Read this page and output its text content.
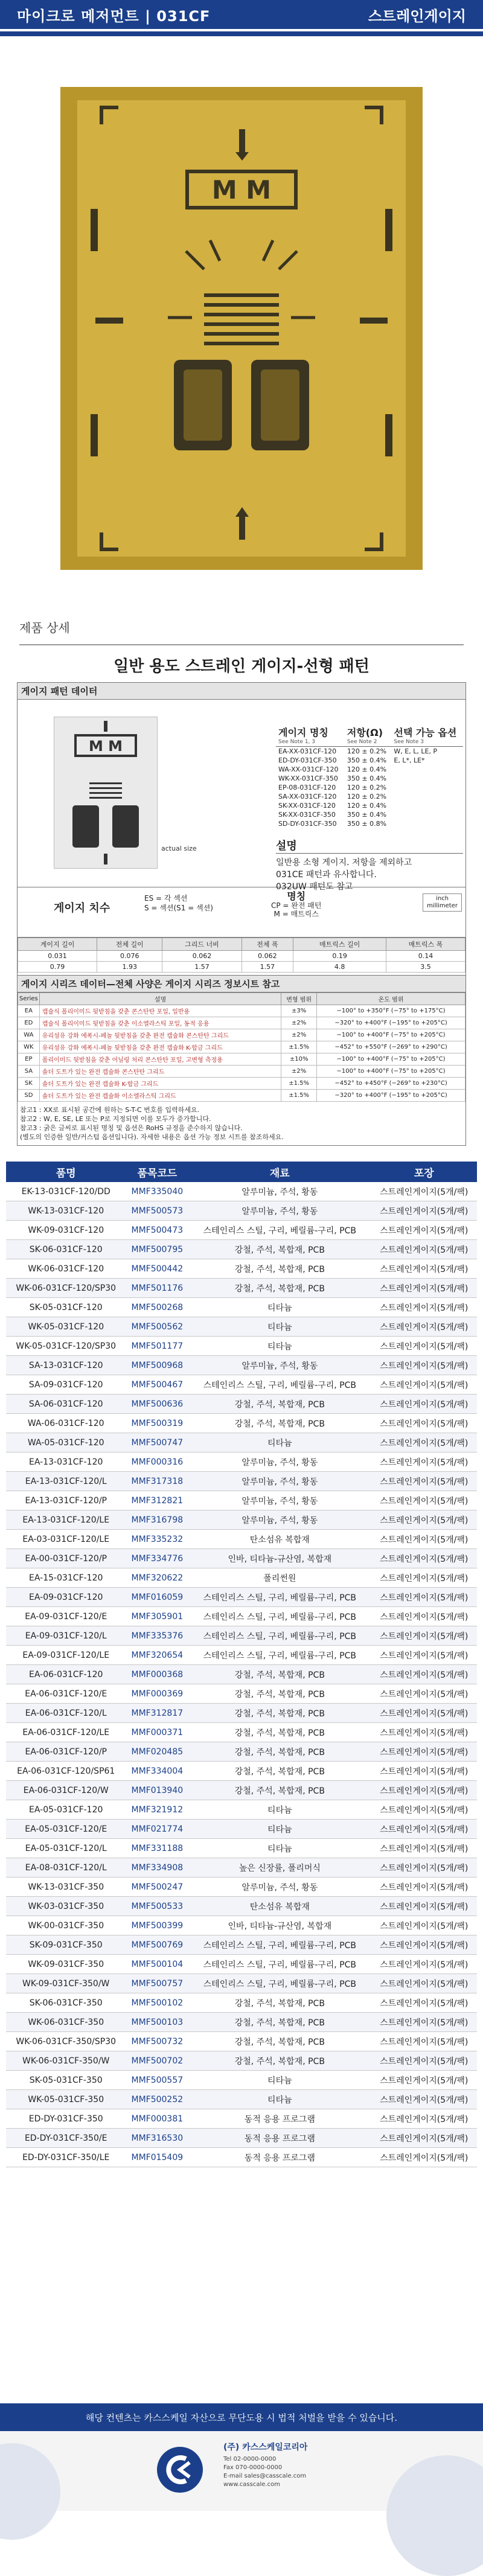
마이크로 메저먼트 | 031CF	스트레인게이지
M M
제품 상세
일반 용도 스트레인 게이지-선형 패턴
게이지 패턴 데이터
M M
actual size
게이지 명칭
See Note 1, 3	저항(Ω)
See Note 2	선택 가능 옵션
See Note 3

EA-XX-031CF-120	120 ± 0.2%	W, E, L, LE, P
ED-DY-031CF-350	350 ± 0.4%	E, L*, LE*
WA-XX-031CF-120	120 ± 0.4%	
WK-XX-031CF-350	350 ± 0.4%	
EP-08-031CF-120	120 ± 0.2%	
SA-XX-031CF-120	120 ± 0.2%	
SK-XX-031CF-120	120 ± 0.4%	
SK-XX-031CF-350	350 ± 0.4%	
SD-DY-031CF-350	350 ± 0.8%	
설명
일반용 소형 게이지. 저항을 제외하고
031CE 패턴과 유사합니다.
032UW 패턴도 참고
게이지 치수
ES = 각 섹션
S = 섹션(S1 = 섹션)
명칭
CP = 완전 패턴
M = 매트릭스
inch
millimeter
게이지 길이	전체 길이	그리드 너비	전체 폭	매트릭스 길이	매트릭스 폭
0.031	0.076	0.062	0.062	0.19	0.14
0.79	1.93	1.57	1.57	4.8	3.5
게이지 시리즈 데이터—전체 사양은 게이지 시리즈 정보시트 참고
Series	설명	변형 범위	온도 범위
EA	캡슐식 폴리이미드 뒷받침을 갖춘 콘스탄탄 포일, 일반용	±3%	−100° to +350°F (−75° to +175°C)
ED	캡슐식 폴리이미드 뒷받침을 갖춘 이소엘라스틱 포일, 동적 응용	±2%	−320° to +400°F (−195° to +205°C)
WA	유리섬유 강화 에폭시-페놀 뒷받침을 갖춘 완전 캡슐화 콘스탄탄 그리드	±2%	−100° to +400°F (−75° to +205°C)
WK	유리섬유 강화 에폭시-페놀 뒷받침을 갖춘 완전 캡슐화 K-합금 그리드	±1.5%	−452° to +550°F (−269° to +290°C)
EP	폴리이미드 뒷받침을 갖춘 어닐링 처리 콘스탄탄 포일, 고변형 측정용	±10%	−100° to +400°F (−75° to +205°C)
SA	솔더 도트가 있는 완전 캡슐화 콘스탄탄 그리드	±2%	−100° to +400°F (−75° to +205°C)
SK	솔더 도트가 있는 완전 캡슐화 K-합금 그리드	±1.5%	−452° to +450°F (−269° to +230°C)
SD	솔더 도트가 있는 완전 캡슐화 이소엘라스틱 그리드	±1.5%	−320° to +400°F (−195° to +205°C)
참고1 : XX로 표시된 공간에 원하는 S-T-C 번호를 입력하세요.
참고2 : W, E, SE, LE 또는 P로 지정되면 이를 모두가 증가합니다.
참고3 : 굵은 글씨로 표시된 명칭 및 옵션은 RoHS 규정을 준수하지 않습니다.
(별도의 인증한 일반/커스텀 옵션입니다). 자세한 내용은 옵션 가능 정보 시트를 참조하세요.
품명	품목코드	재료	포장
EK-13-031CF-120/DD	MMF335040	알루미늄, 주석, 황동	스트레인게이지(5개/팩)
WK-13-031CF-120	MMF500573	알루미늄, 주석, 황동	스트레인게이지(5개/팩)
WK-09-031CF-120	MMF500473	스테인리스 스틸, 구리, 베릴륨-구리, PCB	스트레인게이지(5개/팩)
SK-06-031CF-120	MMF500795	강철, 주석, 복합재, PCB	스트레인게이지(5개/팩)
WK-06-031CF-120	MMF500442	강철, 주석, 복합재, PCB	스트레인게이지(5개/팩)
WK-06-031CF-120/SP30	MMF501176	강철, 주석, 복합재, PCB	스트레인게이지(5개/팩)
SK-05-031CF-120	MMF500268	티타늄	스트레인게이지(5개/팩)
WK-05-031CF-120	MMF500562	티타늄	스트레인게이지(5개/팩)
WK-05-031CF-120/SP30	MMF501177	티타늄	스트레인게이지(5개/팩)
SA-13-031CF-120	MMF500968	알루미늄, 주석, 황동	스트레인게이지(5개/팩)
SA-09-031CF-120	MMF500467	스테인리스 스틸, 구리, 베릴륨-구리, PCB	스트레인게이지(5개/팩)
SA-06-031CF-120	MMF500636	강철, 주석, 복합재, PCB	스트레인게이지(5개/팩)
WA-06-031CF-120	MMF500319	강철, 주석, 복합재, PCB	스트레인게이지(5개/팩)
WA-05-031CF-120	MMF500747	티타늄	스트레인게이지(5개/팩)
EA-13-031CF-120	MMF000316	알루미늄, 주석, 황동	스트레인게이지(5개/팩)
EA-13-031CF-120/L	MMF317318	알루미늄, 주석, 황동	스트레인게이지(5개/팩)
EA-13-031CF-120/P	MMF312821	알루미늄, 주석, 황동	스트레인게이지(5개/팩)
EA-13-031CF-120/LE	MMF316798	알루미늄, 주석, 황동	스트레인게이지(5개/팩)
EA-03-031CF-120/LE	MMF335232	탄소섬유 복합재	스트레인게이지(5개/팩)
EA-00-031CF-120/P	MMF334776	인바, 티타늄-규산염, 복합재	스트레인게이지(5개/팩)
EA-15-031CF-120	MMF320622	폴리썬원	스트레인게이지(5개/팩)
EA-09-031CF-120	MMF016059	스테인리스 스틸, 구리, 베릴륨-구리, PCB	스트레인게이지(5개/팩)
EA-09-031CF-120/E	MMF305901	스테인리스 스틸, 구리, 베릴륨-구리, PCB	스트레인게이지(5개/팩)
EA-09-031CF-120/L	MMF335376	스테인리스 스틸, 구리, 베릴륨-구리, PCB	스트레인게이지(5개/팩)
EA-09-031CF-120/LE	MMF320654	스테인리스 스틸, 구리, 베릴륨-구리, PCB	스트레인게이지(5개/팩)
EA-06-031CF-120	MMF000368	강철, 주석, 복합재, PCB	스트레인게이지(5개/팩)
EA-06-031CF-120/E	MMF000369	강철, 주석, 복합재, PCB	스트레인게이지(5개/팩)
EA-06-031CF-120/L	MMF312817	강철, 주석, 복합재, PCB	스트레인게이지(5개/팩)
EA-06-031CF-120/LE	MMF000371	강철, 주석, 복합재, PCB	스트레인게이지(5개/팩)
EA-06-031CF-120/P	MMF020485	강철, 주석, 복합재, PCB	스트레인게이지(5개/팩)
EA-06-031CF-120/SP61	MMF334004	강철, 주석, 복합재, PCB	스트레인게이지(5개/팩)
EA-06-031CF-120/W	MMF013940	강철, 주석, 복합재, PCB	스트레인게이지(5개/팩)
EA-05-031CF-120	MMF321912	티타늄	스트레인게이지(5개/팩)
EA-05-031CF-120/E	MMF021774	티타늄	스트레인게이지(5개/팩)
EA-05-031CF-120/L	MMF331188	티타늄	스트레인게이지(5개/팩)
EA-08-031CF-120/L	MMF334908	높은 신장률, 폴리머식	스트레인게이지(5개/팩)
WK-13-031CF-350	MMF500247	알루미늄, 주석, 황동	스트레인게이지(5개/팩)
WK-03-031CF-350	MMF500533	탄소섬유 복합재	스트레인게이지(5개/팩)
WK-00-031CF-350	MMF500399	인바, 티타늄-규산염, 복합재	스트레인게이지(5개/팩)
SK-09-031CF-350	MMF500769	스테인리스 스틸, 구리, 베릴륨-구리, PCB	스트레인게이지(5개/팩)
WK-09-031CF-350	MMF500104	스테인리스 스틸, 구리, 베릴륨-구리, PCB	스트레인게이지(5개/팩)
WK-09-031CF-350/W	MMF500757	스테인리스 스틸, 구리, 베릴륨-구리, PCB	스트레인게이지(5개/팩)
SK-06-031CF-350	MMF500102	강철, 주석, 복합재, PCB	스트레인게이지(5개/팩)
WK-06-031CF-350	MMF500103	강철, 주석, 복합재, PCB	스트레인게이지(5개/팩)
WK-06-031CF-350/SP30	MMF500732	강철, 주석, 복합재, PCB	스트레인게이지(5개/팩)
WK-06-031CF-350/W	MMF500702	강철, 주석, 복합재, PCB	스트레인게이지(5개/팩)
SK-05-031CF-350	MMF500557	티타늄	스트레인게이지(5개/팩)
WK-05-031CF-350	MMF500252	티타늄	스트레인게이지(5개/팩)
ED-DY-031CF-350	MMF000381	동적 응용 프로그램	스트레인게이지(5개/팩)
ED-DY-031CF-350/E	MMF316530	동적 응용 프로그램	스트레인게이지(5개/팩)
ED-DY-031CF-350/LE	MMF015409	동적 응용 프로그램	스트레인게이지(5개/팩)
해당 컨텐츠는 카스스케일 자산으로 무단도용 시 법적 처벌을 받을 수 있습니다.
(주) 카스스케일코리아
Tel 02-0000-0000
Fax 070-0000-0000
E-mail sales@casscale.com
www.casscale.com
